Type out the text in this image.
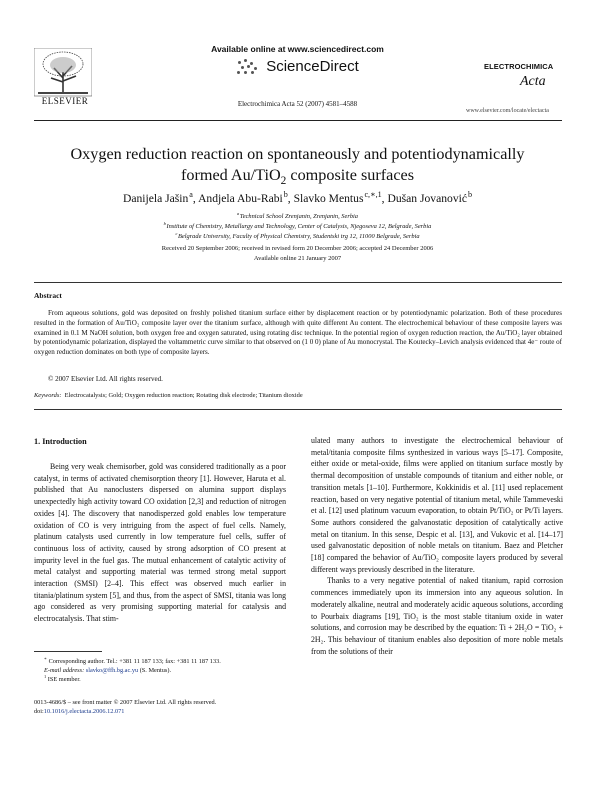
Available online at www.sciencedirect.com
ScienceDirect
Electrochimica Acta 52 (2007) 4581–4588
ELSEVIER
ELECTROCHIMICA
Acta
www.elsevier.com/locate/electacta
Oxygen reduction reaction on spontaneously and potentiodynamically
formed Au/TiO$_2$ composite surfaces
Danijela Jašin $^a$, Andjela Abu-Rabi $^b$, Slavko Mentus $^{c,∗,1}$, Dušan Jovanović $^b$
$^a$ Technical School Zrenjanin, Zrenjanin, Serbia
$^b$ Institute of Chemistry, Metallurgy and Technology, Center of Catalysis, Njegoseva 12, Belgrade, Serbia
$^c$ Belgrade University, Faculty of Physical Chemistry, Studentski trg 12, 11000 Belgrade, Serbia
Received 20 September 2006; received in revised form 20 December 2006; accepted 24 December 2006
Available online 21 January 2007
Abstract
From aqueous solutions, gold was deposited on freshly polished titanium surface either by displacement reaction or by potentiodynamic polarization. Both of these procedures resulted in the formation of Au/TiO₂ composite layer over the titanium surface, although with quite different Au content. The electrochemical behaviour of these composite layers was examined in 0.1 M NaOH solution, both oxygen free and oxygen saturated, using rotating disc technique. In the potential region of oxygen reduction reaction, the Au/TiO₂ layer obtained by potentiodynamic polarization, displayed the voltammetric curve similar to that observed on (1 0 0) plane of Au monocrystal. The Koutecky–Levich analysis evidenced that 4e⁻ route of oxygen reduction dominates on both type of composite layers.
© 2007 Elsevier Ltd. All rights reserved.
Keywords: Electrocatalysis; Gold; Oxygen reduction reaction; Rotating disk electrode; Titanium dioxide
1. Introduction
Being very weak chemisorber, gold was considered traditionally as a poor catalyst, in terms of activated chemisorption theory [1]. However, Haruta et al. published that Au nanoclusters dispersed on alumina support displays unexpectedly high activity toward CO oxidation [2,3] and reduction of nitrogen oxides [4]. The discovery that nanodisperzed gold enables low temperature oxidation of CO is very intriguing from the aspect of fuel cells. Namely, platinum catalysts used currently in low temperature fuel cells, suffer of continuous loss of activity, caused by strong adsorption of CO present at impurity level in the fuel gas. The mutual enhancement of catalytic activity of metal catalyst and supporting material was termed strong metal support interaction (SMSI) [2–4]. This effect was observed much earlier in titania/platinum system [5], and thus, from the aspect of SMSI, titania was long ago considered as very promising supporting material for catalysis and electrocatalysis. That stim-
ulated many authors to investigate the electrochemical behaviour of metal/titania composite films synthesized in various ways [5–17]. Composite, either oxide or metal-oxide, films were applied on titanium surface mostly by thermal decomposition of unstable compounds of titanium and either noble, or transition metals [1–10]. Furthermore, Kokkinidis et al. [11] used replacement reaction, based on very negative potential of titanium metal, while Tammeveski et al. [12] used platinum vacuum evaporation, to obtain Pt/TiO₂ or Pt/Ti layers. Some authors considered the galvanostatic deposition of catalytically active metal on titanium. In this sense, Despic et al. [13], and Vukovic et al. [14–17] used galvanostatic deposition of noble metals on titanium. Baez and Pletcher [18] compared the behavior of Au/TiO₂ composite layers produced by several different ways previously described in the literature.
Thanks to a very negative potential of naked titanium, rapid corrosion commences immediately upon its immersion into any aqueous solution. In moderately alkaline, neutral and moderately acidic aqueous solutions, according to Pourbaix diagrams [19], TiO₂ is the most stable titanium oxide in water solutions, and corrosion may be described by the equation: Ti + 2H₂O = TiO₂ + 2H₂. This behaviour of titanium enables also deposition of more noble metals from the solutions of their
∗ Corresponding author. Tel.: +381 11 187 133; fax: +381 11 187 133.
E-mail address: slavko@ffh.bg.ac.yu (S. Mentus).
$^1$ ISE member.
0013-4686/$ – see front matter © 2007 Elsevier Ltd. All rights reserved.
doi:10.1016/j.electacta.2006.12.071
